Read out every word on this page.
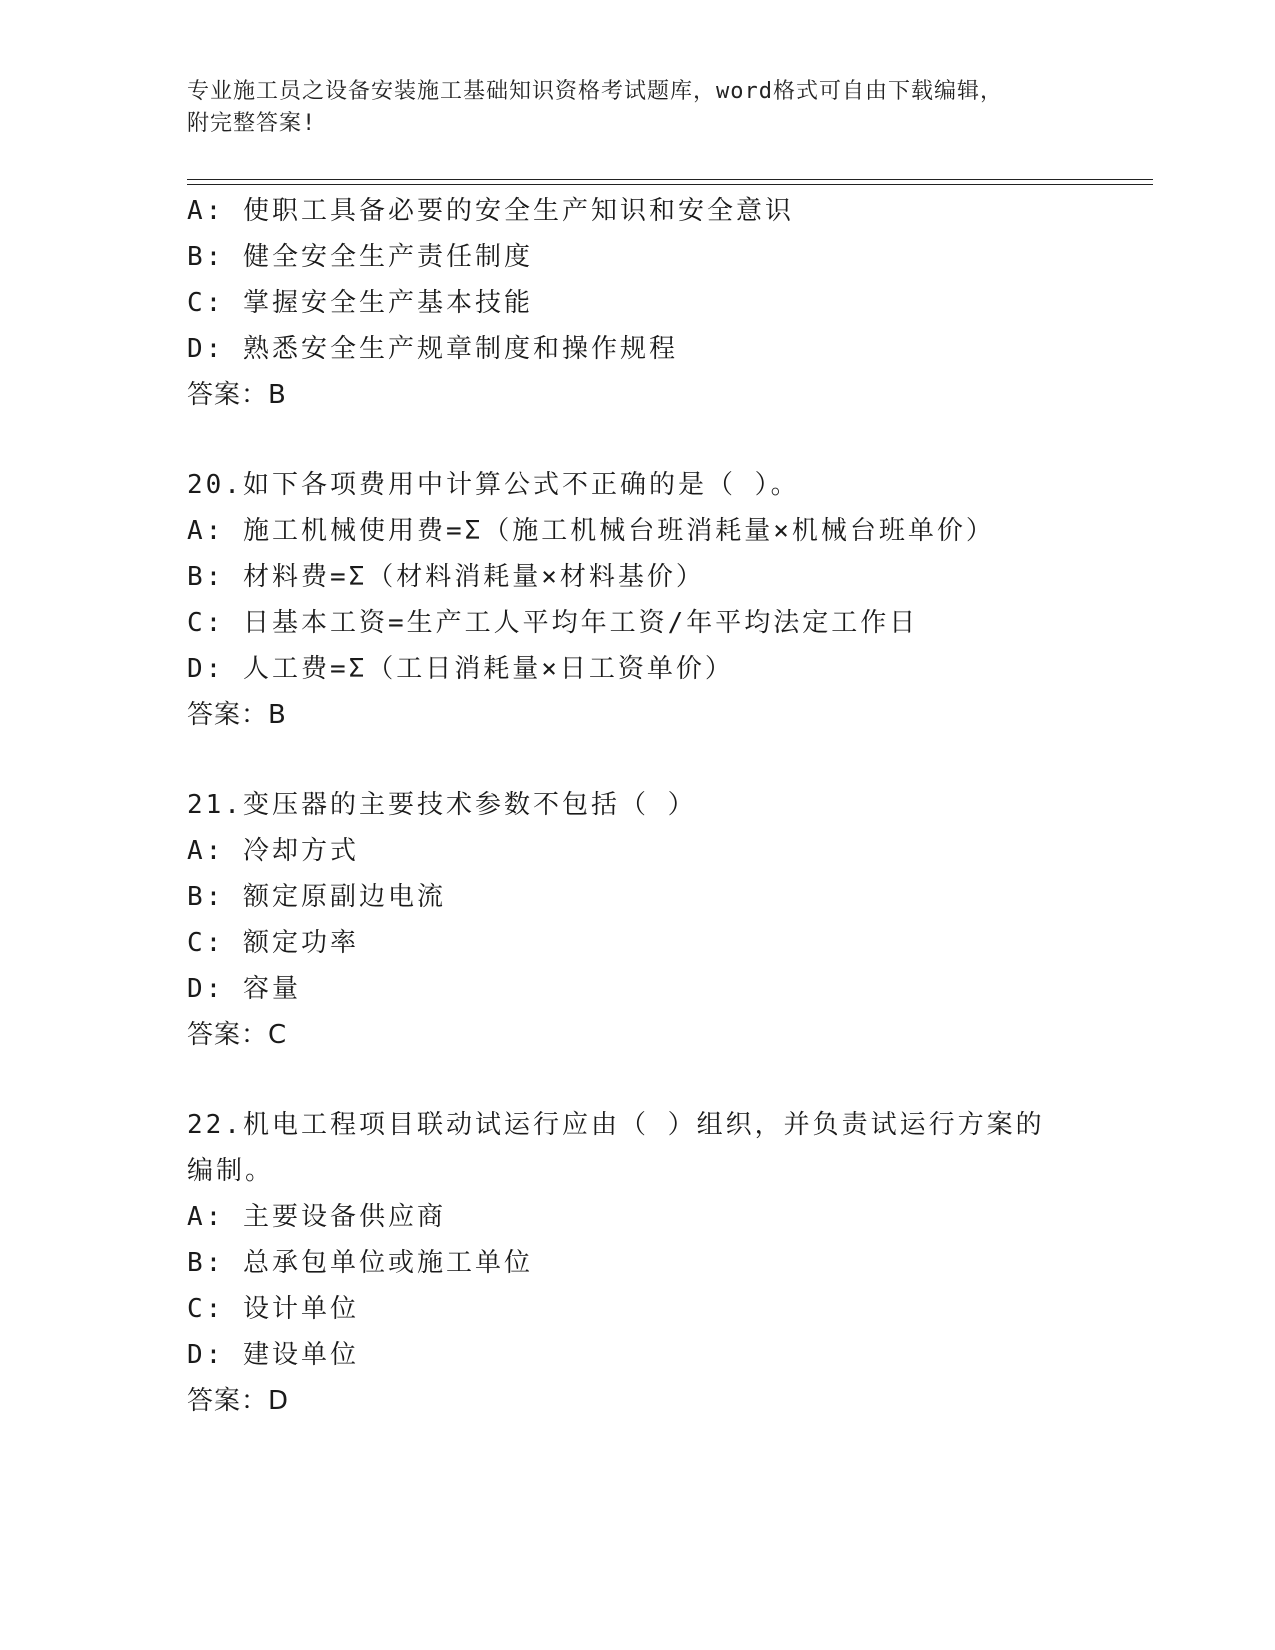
专业施工员之设备安装施工基础知识资格考试题库，word格式可自由下载编辑，
附完整答案!
A: 使职工具备必要的安全生产知识和安全意识
B: 健全安全生产责任制度
C: 掌握安全生产基本技能
D: 熟悉安全生产规章制度和操作规程
答案：B
20.如下各项费用中计算公式不正确的是（ ）。
A: 施工机械使用费=Σ（施工机械台班消耗量×机械台班单价）
B: 材料费=Σ（材料消耗量×材料基价）
C: 日基本工资=生产工人平均年工资/年平均法定工作日
D: 人工费=Σ（工日消耗量×日工资单价）
答案：B
21.变压器的主要技术参数不包括（ ）
A: 冷却方式
B: 额定原副边电流
C: 额定功率
D: 容量
答案：C
22.机电工程项目联动试运行应由（ ）组织，并负责试运行方案的编制。
A: 主要设备供应商
B: 总承包单位或施工单位
C: 设计单位
D: 建设单位
答案：D
